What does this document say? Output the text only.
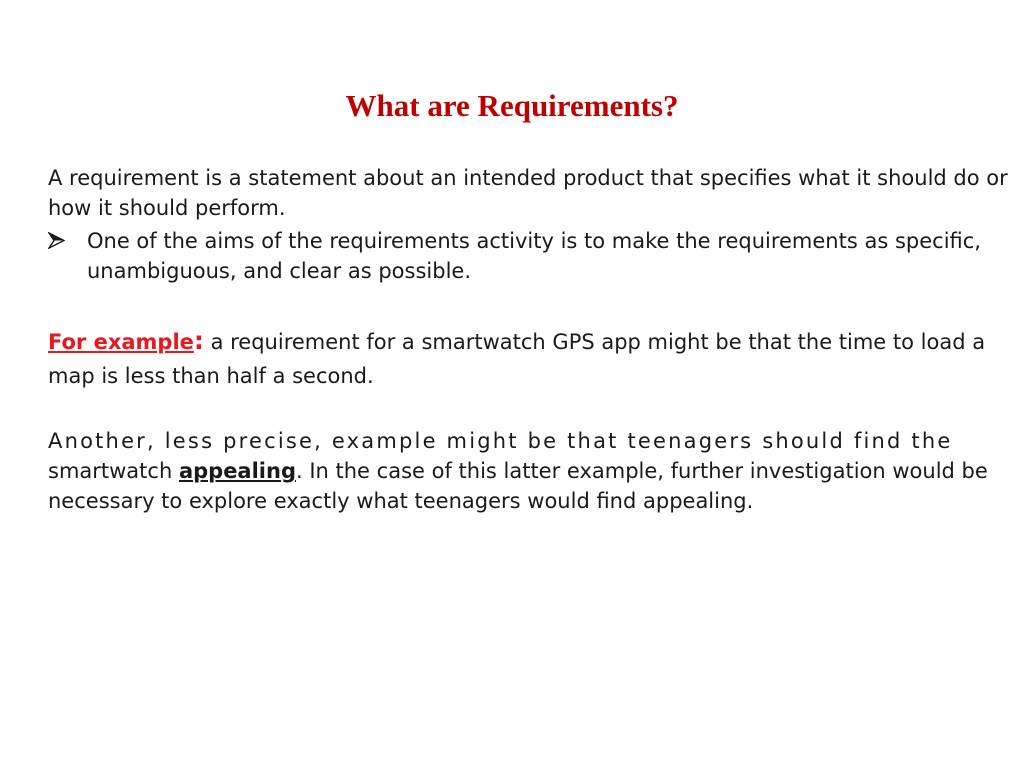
What are Requirements?

A requirement is a statement about an intended product that specifies what it should do or how it should perform.

One of the aims of the requirements activity is to make the requirements as specific, unambiguous, and clear as possible.

For example: a requirement for a smartwatch GPS app might be that the time to load a map is less than half a second.

Another, less precise, example might be that teenagers should find the
smartwatch appealing. In the case of this latter example, further investigation would be necessary to explore exactly what teenagers would find appealing.
